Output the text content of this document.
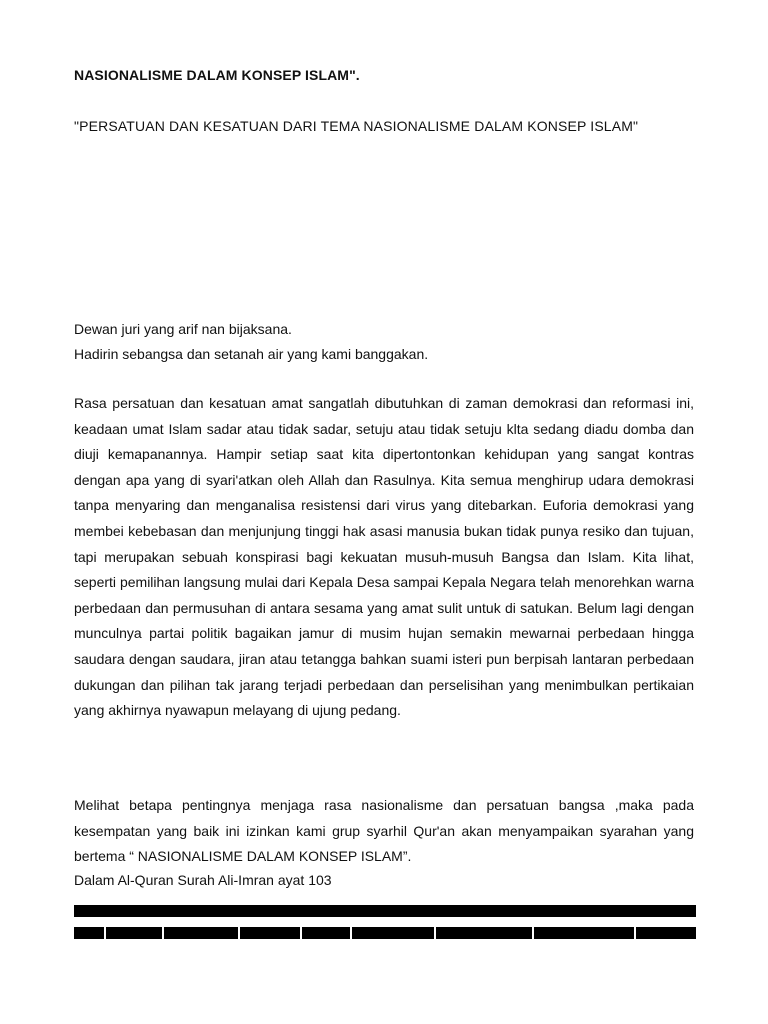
NASIONALISME DALAM KONSEP ISLAM".
"PERSATUAN DAN KESATUAN DARI TEMA NASIONALISME DALAM KONSEP ISLAM"
Dewan juri yang arif nan bijaksana.
Hadirin sebangsa dan setanah air yang kami banggakan.

Rasa persatuan dan kesatuan amat sangatlah dibutuhkan di zaman demokrasi dan reformasi ini, keadaan umat Islam sadar atau tidak sadar, setuju atau tidak setuju klta sedang diadu domba dan diuji kemapanannya. Hampir setiap saat kita dipertontonkan kehidupan yang sangat kontras dengan apa yang di syari'atkan oleh Allah dan Rasulnya. Kita semua menghirup udara demokrasi tanpa menyaring dan menganalisa resistensi dari virus yang ditebarkan. Euforia demokrasi yang membei kebebasan dan menjunjung tinggi hak asasi manusia bukan tidak punya resiko dan tujuan, tapi merupakan sebuah konspirasi bagi kekuatan musuh-musuh Bangsa dan Islam. Kita lihat, seperti pemilihan langsung mulai dari Kepala Desa sampai Kepala Negara telah menorehkan warna perbedaan dan permusuhan di antara sesama yang amat sulit untuk di satukan. Belum lagi dengan munculnya partai politik bagaikan jamur di musim hujan semakin mewarnai perbedaan hingga saudara dengan saudara, jiran atau tetangga bahkan suami isteri pun berpisah lantaran perbedaan dukungan dan pilihan tak jarang terjadi perbedaan dan perselisihan yang menimbulkan pertikaian yang akhirnya nyawapun melayang di ujung pedang.

Melihat betapa pentingnya menjaga rasa nasionalisme dan persatuan bangsa ,maka pada kesempatan yang baik ini izinkan kami grup syarhil Qur'an akan menyampaikan syarahan yang bertema “ NASIONALISME DALAM KONSEP ISLAM”.

Dalam Al-Quran Surah Ali-Imran ayat 103
